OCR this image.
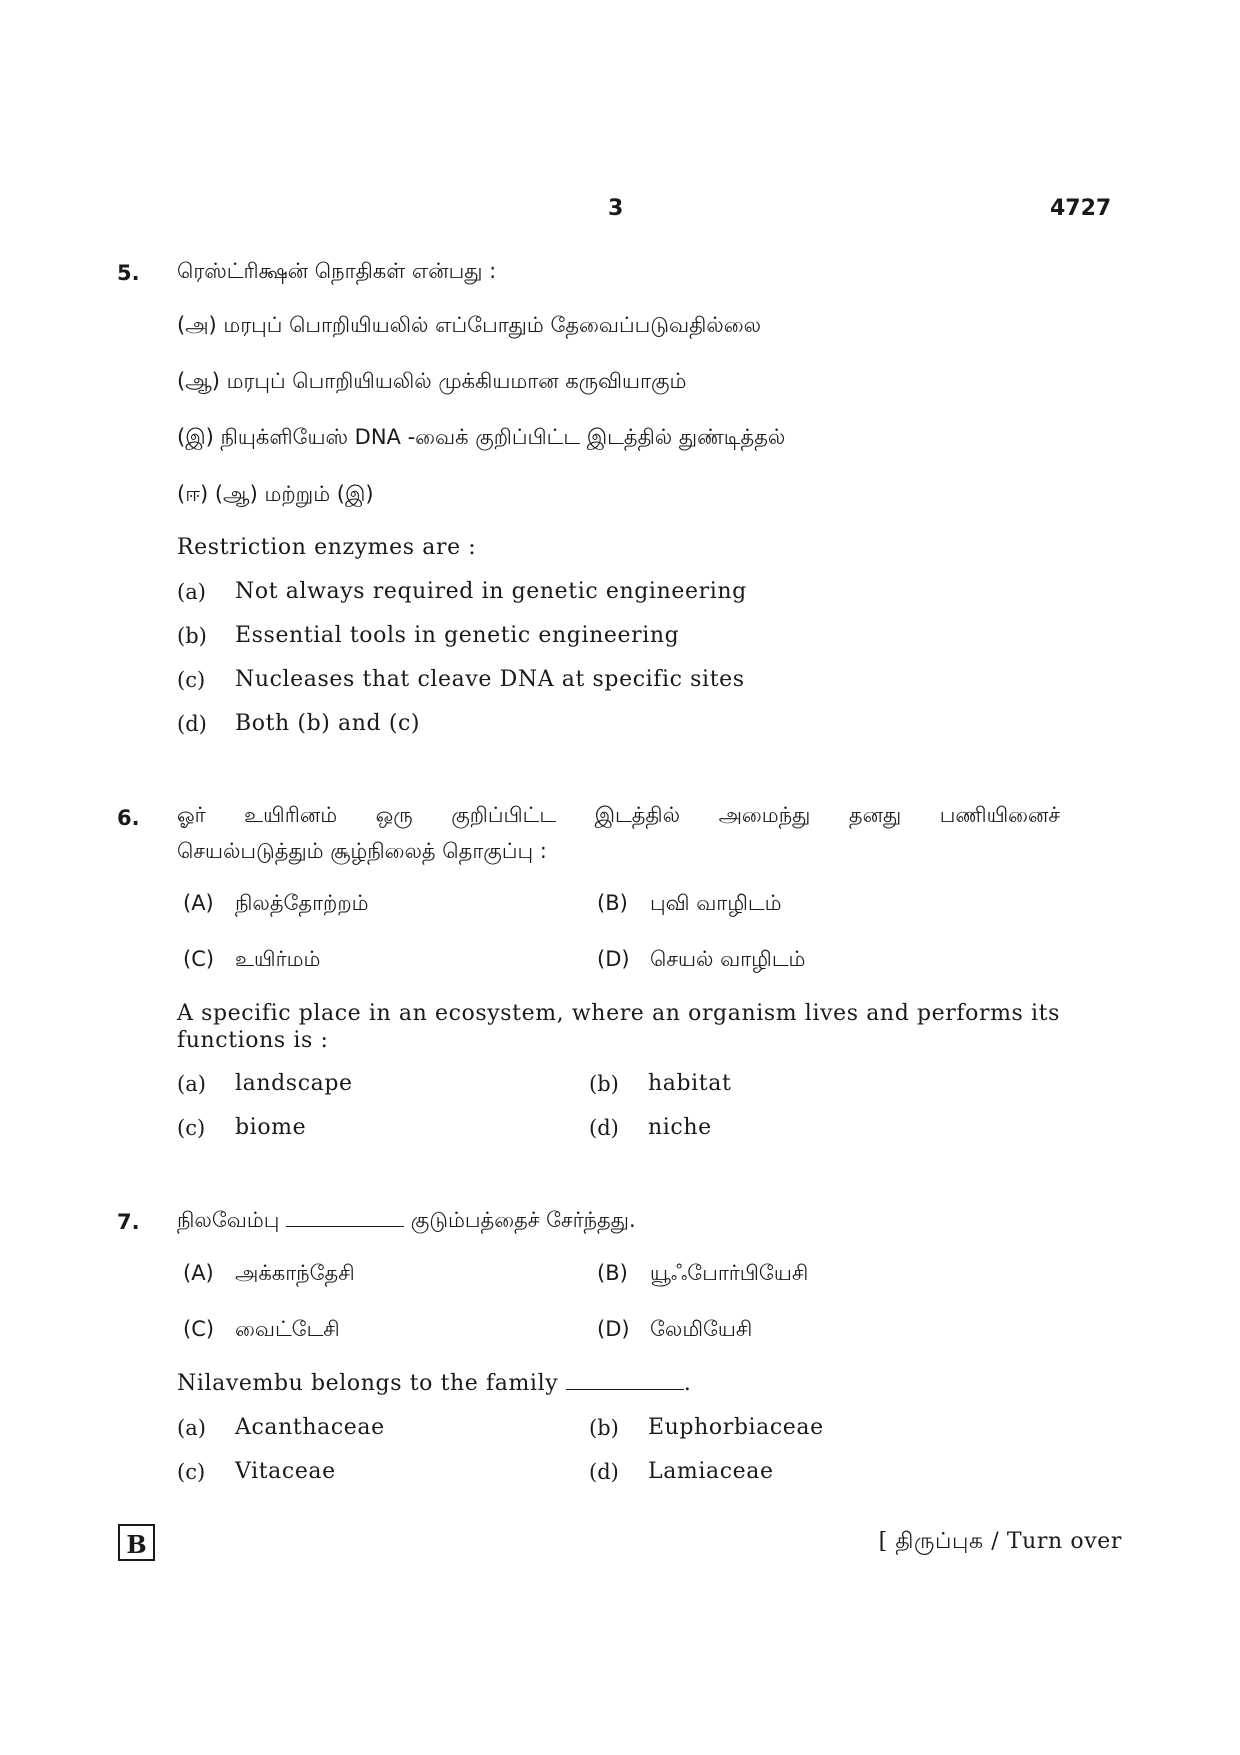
3	4727
5. ரெஸ்ட்ரிக்ஷன் நொதிகள் என்பது :
(அ) மரபுப் பொறியியலில் எப்போதும் தேவைப்படுவதில்லை
(ஆ) மரபுப் பொறியியலில் முக்கியமான கருவியாகும்
(இ) நியுக்ளியேஸ் DNA -வைக் குறிப்பிட்ட இடத்தில் துண்டித்தல்
(ஈ) (ஆ) மற்றும் (இ)
Restriction enzymes are :
(a) Not always required in genetic engineering
(b) Essential tools in genetic engineering
(c) Nucleases that cleave DNA at specific sites
(d) Both (b) and (c)
6. ஓர் உயிரினம் ஒரு குறிப்பிட்ட இடத்தில் அமைந்து தனது பணியினைச்
செயல்படுத்தும் சூழ்நிலைத் தொகுப்பு :
(A) நிலத்தோற்றம்	(B) புவி வாழிடம்
(C) உயிர்மம்	(D) செயல் வாழிடம்
A specific place in an ecosystem, where an organism lives and performs its
functions is :
(a) landscape	(b) habitat
(c) biome	(d) niche
7. நிலவேம்பு	குடும்பத்தைச் சேர்ந்தது.
(A) அக்காந்தேசி	(B) யூஃபோர்பியேசி
(C) வைட்டேசி	(D) லேமியேசி
Nilavembu belongs to the family	.
(a) Acanthaceae	(b) Euphorbiaceae
(c) Vitaceae	(d) Lamiaceae
B	[ திருப்புக / Turn over
